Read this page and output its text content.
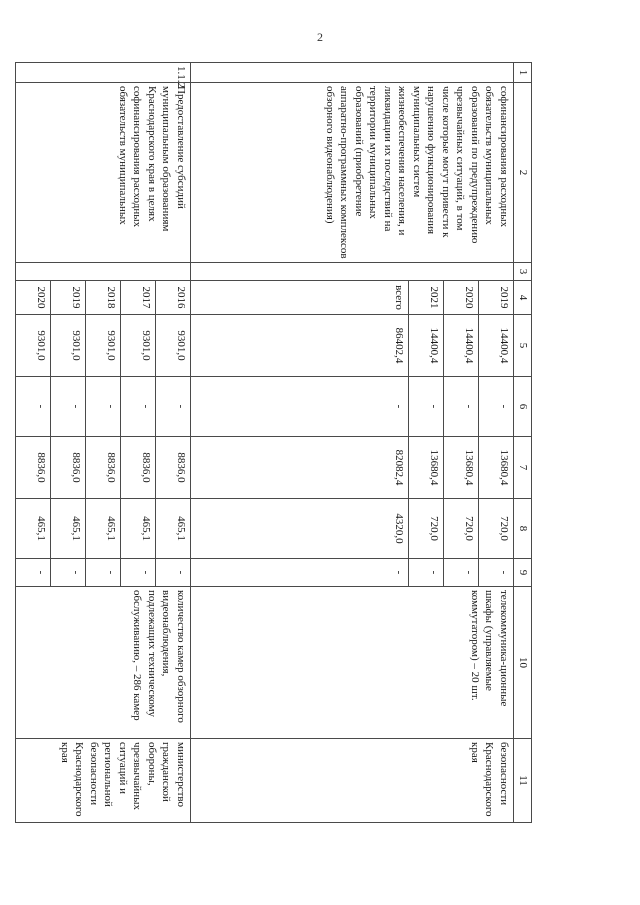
2
1	2	3	4	5	6	7	8	9	10	11
	софинансирования расходных обязательств муниципальных образований по предупреждению чрезвычайных ситуаций, в том числе которые могут привести к нарушению функционирования муниципальных систем жизнеобеспечения населения, и ликвидации их последствий на территории муниципальных образований (приобретение аппаратно-программных комплексов обзорного видеонаблюдения)		2019	14400,4	-	13680,4	720,0	-	телекоммуника-ционные шкафы (управляемые коммутатором) – 20 шт.	безопасности Краснодарского края
			2020	14400,4	-	13680,4	720,0	-		
			2021	14400,4	-	13680,4	720,0	-		
			всего	86402,4	-	82082,4	4320,0	-		
1.1.2	Предоставление субсидий муниципальным образованиям Краснодарского края в целях софинансирования расходных обязательств муниципальных		2016	9301,0	-	8836,0	465,1	-	количество камер обзорного видеонаблюдения, подлежащих техническому обслуживанию, – 286 камер	министерство гражданской обороны, чрезвычайных ситуаций и региональной безопасности Краснодарского края
			2017	9301,0	-	8836,0	465,1	-		
			2018	9301,0	-	8836,0	465,1	-		
			2019	9301,0	-	8836,0	465,1	-		
			2020	9301,0	-	8836,0	465,1	-		
